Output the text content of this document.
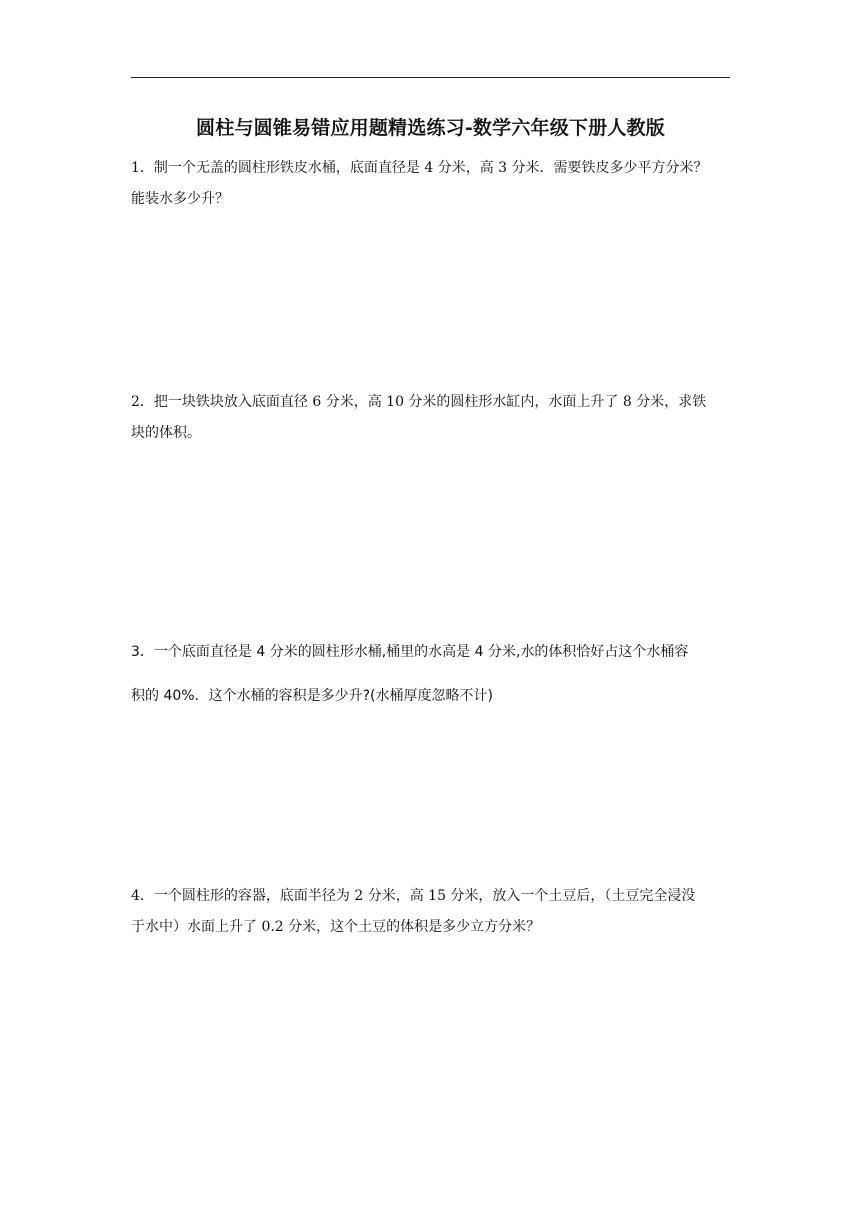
圆柱与圆锥易错应用题精选练习-数学六年级下册人教版
1．制一个无盖的圆柱形铁皮水桶，底面直径是 4 分米，高 3 分米．需要铁皮多少平方分米？
能装水多少升？
2．把一块铁块放入底面直径 6 分米，高 10 分米的圆柱形水缸内，水面上升了 8 分米，求铁
块的体积。
3．一个底面直径是 4 分米的圆柱形水桶,桶里的水高是 4 分米,水的体积恰好占这个水桶容
积的 40%．这个水桶的容积是多少升?(水桶厚度忽略不计)
4．一个圆柱形的容器，底面半径为 2 分米，高 15 分米，放入一个土豆后，（土豆完全浸没
于水中）水面上升了 0.2 分米，这个土豆的体积是多少立方分米？
